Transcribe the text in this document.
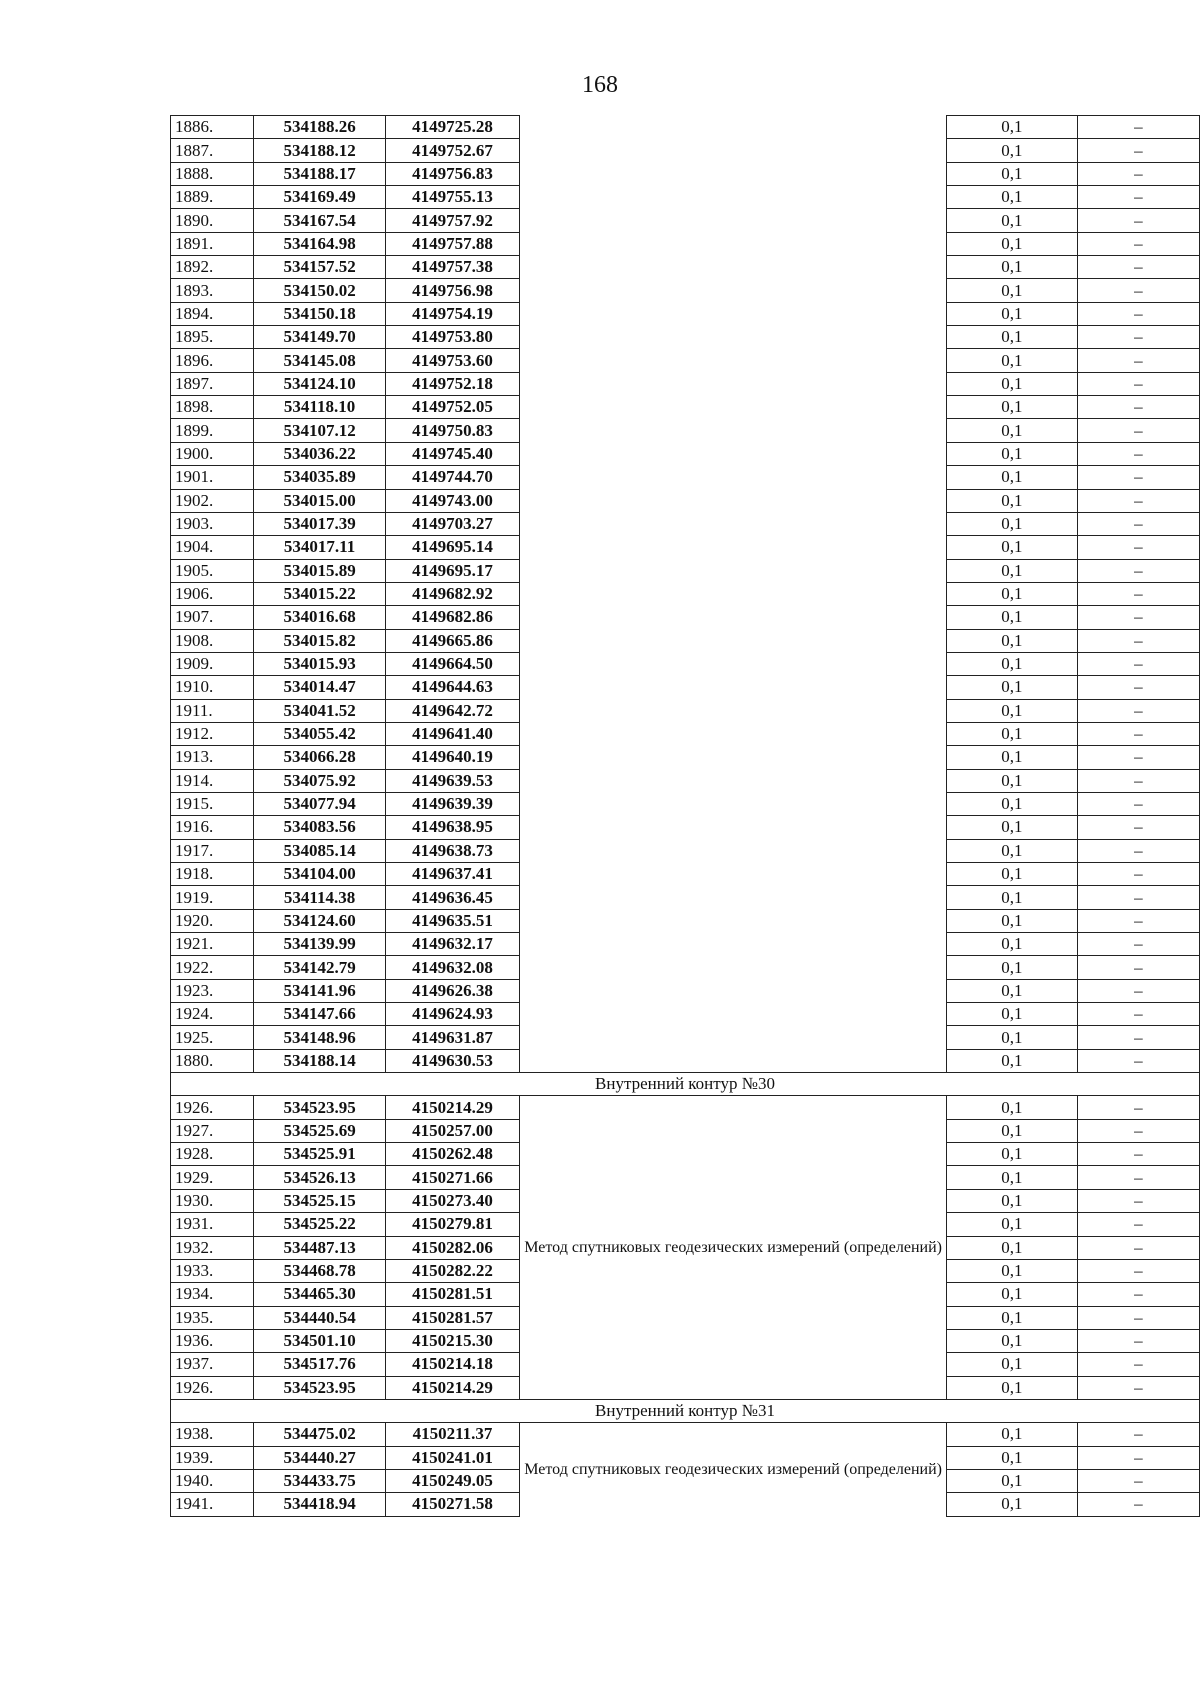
168
1886.	534188.26	4149725.28		0,1	–
1887.	534188.12	4149752.67		0,1	–
1888.	534188.17	4149756.83		0,1	–
1889.	534169.49	4149755.13		0,1	–
1890.	534167.54	4149757.92		0,1	–
1891.	534164.98	4149757.88		0,1	–
1892.	534157.52	4149757.38		0,1	–
1893.	534150.02	4149756.98		0,1	–
1894.	534150.18	4149754.19		0,1	–
1895.	534149.70	4149753.80		0,1	–
1896.	534145.08	4149753.60		0,1	–
1897.	534124.10	4149752.18		0,1	–
1898.	534118.10	4149752.05		0,1	–
1899.	534107.12	4149750.83		0,1	–
1900.	534036.22	4149745.40		0,1	–
1901.	534035.89	4149744.70		0,1	–
1902.	534015.00	4149743.00		0,1	–
1903.	534017.39	4149703.27		0,1	–
1904.	534017.11	4149695.14		0,1	–
1905.	534015.89	4149695.17		0,1	–
1906.	534015.22	4149682.92		0,1	–
1907.	534016.68	4149682.86		0,1	–
1908.	534015.82	4149665.86		0,1	–
1909.	534015.93	4149664.50		0,1	–
1910.	534014.47	4149644.63		0,1	–
1911.	534041.52	4149642.72		0,1	–
1912.	534055.42	4149641.40		0,1	–
1913.	534066.28	4149640.19		0,1	–
1914.	534075.92	4149639.53		0,1	–
1915.	534077.94	4149639.39		0,1	–
1916.	534083.56	4149638.95		0,1	–
1917.	534085.14	4149638.73		0,1	–
1918.	534104.00	4149637.41		0,1	–
1919.	534114.38	4149636.45		0,1	–
1920.	534124.60	4149635.51		0,1	–
1921.	534139.99	4149632.17		0,1	–
1922.	534142.79	4149632.08		0,1	–
1923.	534141.96	4149626.38		0,1	–
1924.	534147.66	4149624.93		0,1	–
1925.	534148.96	4149631.87		0,1	–
1880.	534188.14	4149630.53		0,1	–
Внутренний контур №30					
1926.	534523.95	4150214.29	Метод спутниковых геодезических измерений (определений)	0,1	–
1927.	534525.69	4150257.00		0,1	–
1928.	534525.91	4150262.48		0,1	–
1929.	534526.13	4150271.66		0,1	–
1930.	534525.15	4150273.40		0,1	–
1931.	534525.22	4150279.81		0,1	–
1932.	534487.13	4150282.06		0,1	–
1933.	534468.78	4150282.22		0,1	–
1934.	534465.30	4150281.51		0,1	–
1935.	534440.54	4150281.57		0,1	–
1936.	534501.10	4150215.30		0,1	–
1937.	534517.76	4150214.18		0,1	–
1926.	534523.95	4150214.29		0,1	–
Внутренний контур №31					
1938.	534475.02	4150211.37	Метод спутниковых геодезических измерений (определений)	0,1	–
1939.	534440.27	4150241.01		0,1	–
1940.	534433.75	4150249.05		0,1	–
1941.	534418.94	4150271.58		0,1	–
